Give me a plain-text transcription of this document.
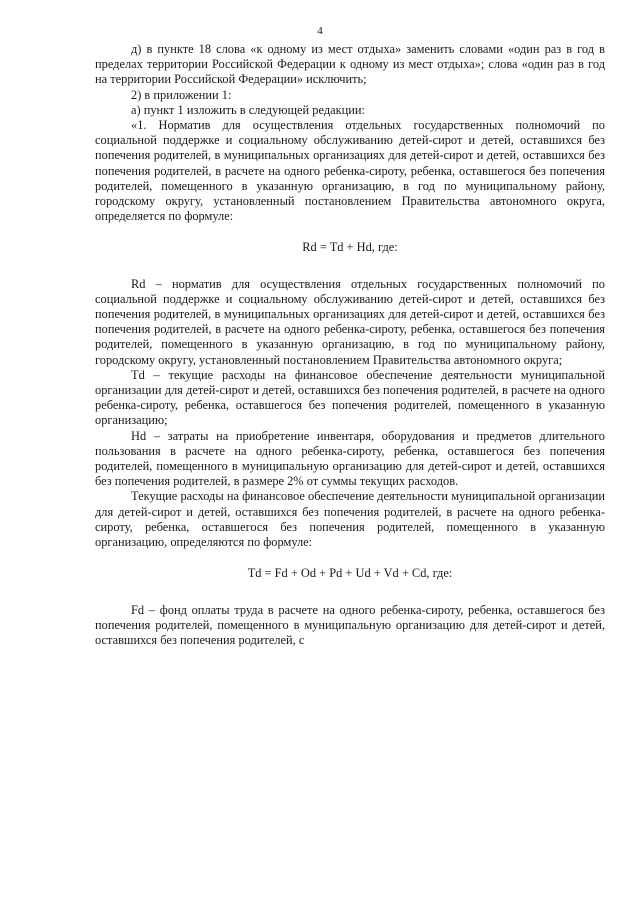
4

д) в пункте 18 слова «к одному из мест отдыха» заменить словами «один раз в год в пределах территории Российской Федерации к одному из мест отдыха»; слова «один раз в год на территории Российской Федерации» исключить;

2) в приложении 1:

а) пункт 1 изложить в следующей редакции:

«1. Норматив для осуществления отдельных государственных полномочий по социальной поддержке и социальному обслуживанию детей-сирот и детей, оставшихся без попечения родителей, в муниципальных организациях для детей-сирот и детей, оставшихся без попечения родителей, в расчете на одного ребенка-сироту, ребенка, оставшегося без попечения родителей, помещенного в указанную организацию, в год по муниципальному району, городскому округу, установленный постановлением Правительства автономного округа, определяется по формуле:

Rd = Td + Hd, где:

Rd – норматив для осуществления отдельных государственных полномочий по социальной поддержке и социальному обслуживанию детей-сирот и детей, оставшихся без попечения родителей, в муниципальных организациях для детей-сирот и детей, оставшихся без попечения родителей, в расчете на одного ребенка-сироту, ребенка, оставшегося без попечения родителей, помещенного в указанную организацию, в год по муниципальному району, городскому округу, установленный постановлением Правительства автономного округа;

Td – текущие расходы на финансовое обеспечение деятельности муниципальной организации для детей-сирот и детей, оставшихся без попечения родителей, в расчете на одного ребенка-сироту, ребенка, оставшегося без попечения родителей, помещенного в указанную организацию;

Hd – затраты на приобретение инвентаря, оборудования и предметов длительного пользования в расчете на одного ребенка-сироту, ребенка, оставшегося без попечения родителей, помещенного в муниципальную организацию для детей-сирот и детей, оставшихся без попечения родителей, в размере 2% от суммы текущих расходов.

Текущие расходы на финансовое обеспечение деятельности муниципальной организации для детей-сирот и детей, оставшихся без попечения родителей, в расчете на одного ребенка-сироту, ребенка, оставшегося без попечения родителей, помещенного в указанную организацию, определяются по формуле:

Td = Fd + Od + Pd + Ud + Vd + Cd, где:

Fd – фонд оплаты труда в расчете на одного ребенка-сироту, ребенка, оставшегося без попечения родителей, помещенного в муниципальную организацию для детей-сирот и детей, оставшихся без попечения родителей, с
